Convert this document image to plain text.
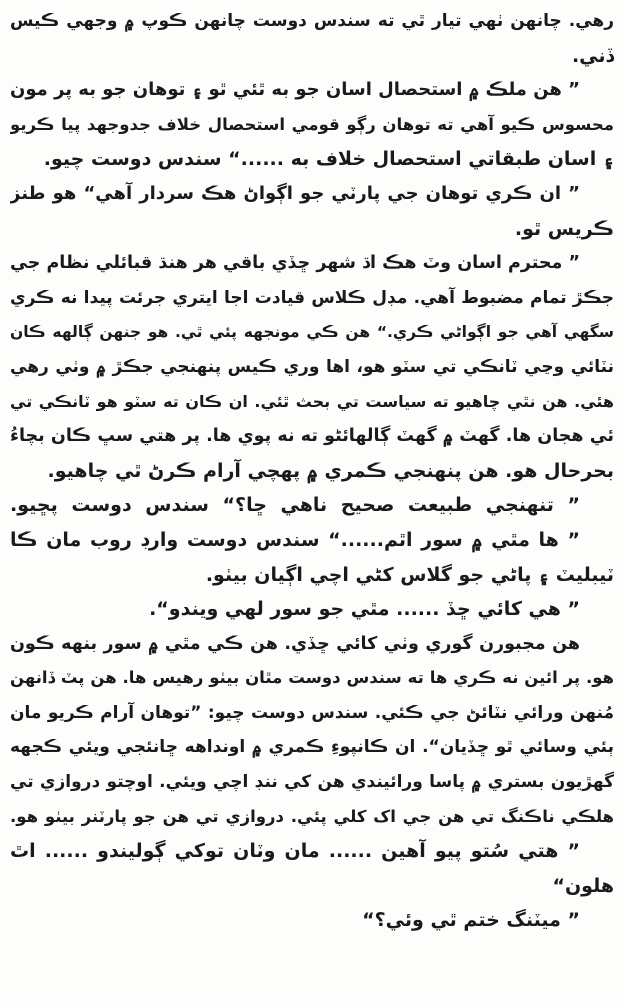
رهي. چانهن ٺهي تيار ٿي ته سندس دوست چانهن ڪوپ ۾ وجهي ڪيس
ڏني.
” هن ملڪ ۾ استحصال اسان جو به ٿئي ٿو ۽ توهان جو به پر مون
محسوس ڪيو آهي ته توهان رڳو قومي استحصال خلاف جدوجهد پيا ڪريو
۽ اسان طبقاتي استحصال خلاف به ......“ سندس دوست چيو.
” ان ڪري توهان جي پارٽي جو اڳواڻ هڪ سردار آهي“ هو طنز
ڪريس ٿو.
” محترم اسان وٽ هڪ اڌ شهر ڇڏي باقي هر هنڌ قبائلي نظام جي
جڪڙ تمام مضبوط آهي. مڊل ڪلاس قيادت اجا ايتري جرئت پيدا نه ڪري
سگهي آهي جو اڳواڻي ڪري.“ هن ڪي مونجهه پئي ٿي. هو جنهن ڳالهه ڪان
نٽائي وڃي ٽانڪي تي سٽو هو، اها وري ڪيس پنهنجي جڪڙ ۾ وٺي رهي
هئي. هن نٿي چاهيو ته سياست تي بحث ٿئي. ان ڪان ته سٽو هو ٽانڪي تي
ئي هجان ها. گهٽ ۾ گهٽ ڳالهائڻو ته نه پوي ها. پر هتي سڀ ڪان بچاءُ
بحرحال هو. هن پنهنجي ڪمري ۾ پهچي آرام ڪرڻ ٿي چاهيو.
” تنهنجي طبيعت صحيح ناهي ڇا؟“ سندس دوست پڇيو.
” ها مٿي ۾ سور اٿم......“ سندس دوست وارڊ روب مان ڪا
ٽيبليٽ ۽ پاڻي جو گلاس کڻي اچي اڳيان بيٺو.
” هي کائي ڇڏ ...... مٿي جو سور لهي ويندو“.
هن مجبورن گوري وٺي کائي ڇڏي. هن ڪي مٿي ۾ سور بنهه ڪون
هو. پر ائين نه ڪري ها ته سندس دوست مٿان بيٺو رهيس ها. هن پٽ ڏانهن
مُنهن ورائي نٽائڻ جي ڪئي. سندس دوست چيو: ”توهان آرام ڪريو مان
ٻئي وسائي ٿو ڇڏيان“. ان ڪانپوءِ ڪمري ۾ اونداهه ڇانئجي ويئي ڪجهه
گهڙيون بستري ۾ پاسا ورائيندي هن کي ننڊ اچي ويئي. اوچتو دروازي تي
هلڪي ناڪنگ تي هن جي اک کلي پئي. دروازي تي هن جو پارٽنر بيٺو هو.
” هتي سُتو پيو آهين ...... مان وٽان توکي ڳوليندو ...... اٿ
هلون“
” ميٽنگ ختم ٿي وئي؟“
